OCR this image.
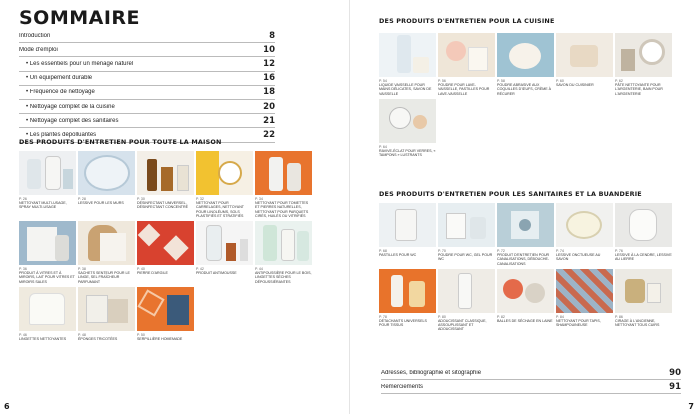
SOMMAIRE
Introduction	8
Mode d'emploi	10
• Les essentiels pour un ménage naturel	12
• Un équipement durable	16
• Fréquence de nettoyage	18
• Nettoyage complet de la cuisine	20
• Nettoyage complet des sanitaires	21
• Les plantes dépolluantes	22
DES PRODUITS D'ENTRETIEN POUR TOUTE LA MAISON
P. 26
NETTOYANT MULTI-USAGE, SPRAY MULTI-USAGE
P. 28
LESSIVE POUR LES MURS
P. 30
DÉSINFECTANT UNIVERSEL, DÉSINFECTANT CONCENTRÉ
P. 32
NETTOYANT POUR CARRELAGES, NETTOYANT POUR LINOLÉUMS, SOLS PLASTIFIÉS ET STRATIFIÉS
P. 34
NETTOYANT POUR TOMETTES ET PIERRES NATURELLES, NETTOYANT POUR PARQUETS CIRÉS, HUILÉS OU VITRIFIÉS
P. 36
PRODUIT À VITRES ET À MIROIRS, LAIT POUR VITRES ET MIROIRS SALES
P. 38
SACHETS SENTEUR POUR LE LINGE, SEL FRAÎCHEUR PARFUMANT
P. 40
PIERRE D'ARGILE
P. 42
PRODUIT ANTIMOUSSE
P. 44
ANTIPOUSSIÈRE POUR LE BOIS, LINGETTES SÈCHES DÉPOUSSIÉRANTES
P. 46
LINGETTES NETTOYANTES
P. 48
ÉPONGES TRICOTÉES
P. 50
SERPILLIÈRE HOMEMADE
6
DES PRODUITS D'ENTRETIEN POUR LA CUISINE
P. 54
LIQUIDE VAISSELLE POUR MAINS DÉLICATES, SAVON DE VAISSELLE
P. 56
POUDRE POUR LAVE-VAISSELLE, PASTILLES POUR LAVE-VAISSELLE
P. 58
POUDRE ABRASIVE AUX COQUILLES D'ŒUFS, CRÈME À RÉCURER
P. 60
SAVON DU CUISINIER
P. 62
PÂTE NETTOYANTE POUR L'ARGENTERIE, BAIN POUR L'ARGENTERIE
P. 64
RAVIVE-ÉCLAT POUR VERRES, « TAMPONS » LUSTRANTS
DES PRODUITS D'ENTRETIEN POUR LES SANITAIRES ET LA BUANDERIE
P. 68
PASTILLES POUR WC
P. 70
POUDRE POUR WC, GEL POUR WC
P. 72
PRODUIT D'ENTRETIEN POUR CANALISATIONS, DÉBOUCHE-CANALISATIONS
P. 74
LESSIVE ONCTUEUSE AU SAVON
P. 76
LESSIVE À LA CENDRE, LESSIVE AU LIERRE
P. 78
DÉTACHANTS UNIVERSELS POUR TISSUS
P. 80
ADOUCISSANT CLASSIQUE, ASSOUPLISSANT ET ADOUCISSANT
P. 82
BALLES DE SÉCHAGE EN LAINE
P. 84
NETTOYANT POUR TAPIS, SHAMPOUINEUSE
P. 86
CIRAGE À L'ANCIENNE, NETTOYANT TOUS CUIRS
Adresses, bibliographie et sitographie	90
Remerciements	91
7
